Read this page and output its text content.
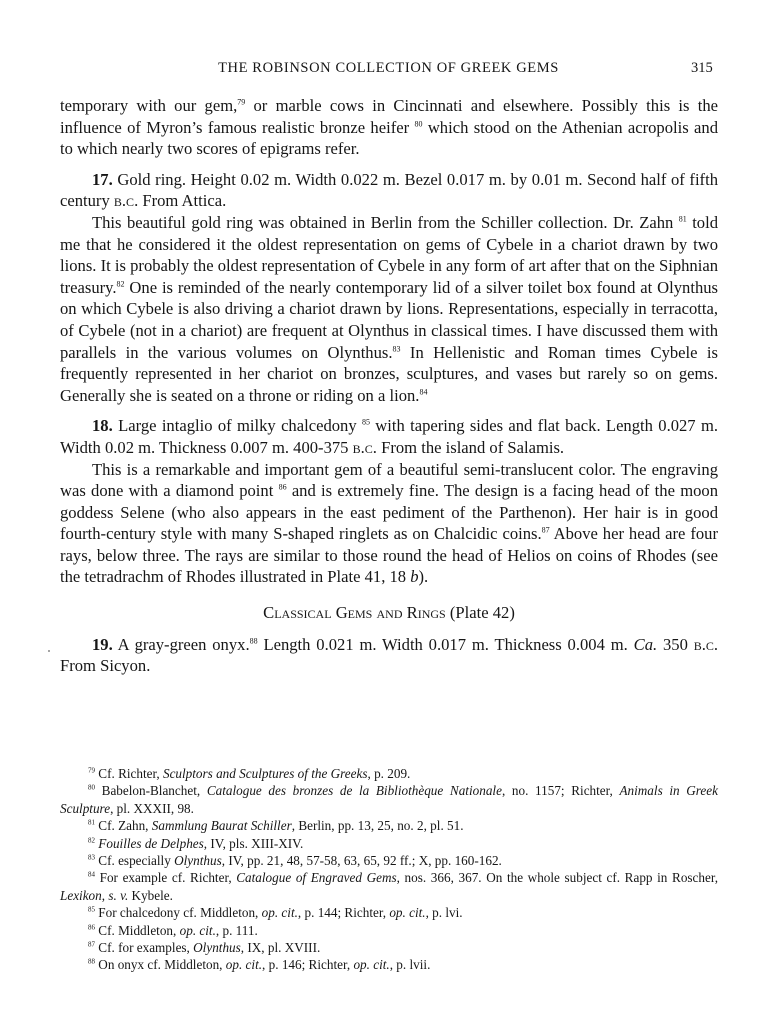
THE ROBINSON COLLECTION OF GREEK GEMS	315

temporary with our gem,$^{79}$ or marble cows in Cincinnati and elsewhere. Possibly this is the influence of Myron’s famous realistic bronze heifer $^{80}$ which stood on the Athenian acropolis and to which nearly two scores of epigrams refer.

17. Gold ring. Height 0.02 m. Width 0.022 m. Bezel 0.017 m. by 0.01 m. Second half of fifth century b.c. From Attica.

This beautiful gold ring was obtained in Berlin from the Schiller collection. Dr. Zahn $^{81}$ told me that he considered it the oldest representation on gems of Cybele in a chariot drawn by two lions. It is probably the oldest representation of Cybele in any form of art after that on the Siphnian treasury.$^{82}$ One is reminded of the nearly contemporary lid of a silver toilet box found at Olynthus on which Cybele is also driving a chariot drawn by lions. Representations, especially in terracotta, of Cybele (not in a chariot) are frequent at Olynthus in classical times. I have discussed them with parallels in the various volumes on Olynthus.$^{83}$ In Hellenistic and Roman times Cybele is frequently represented in her chariot on bronzes, sculptures, and vases but rarely so on gems. Generally she is seated on a throne or riding on a lion.$^{84}$

18. Large intaglio of milky chalcedony $^{85}$ with tapering sides and flat back. Length 0.027 m. Width 0.02 m. Thickness 0.007 m. 400-375 b.c. From the island of Salamis.

This is a remarkable and important gem of a beautiful semi-translucent color. The engraving was done with a diamond point $^{86}$ and is extremely fine. The design is a facing head of the moon goddess Selene (who also appears in the east pediment of the Parthenon). Her hair is in good fourth-century style with many S-shaped ringlets as on Chalcidic coins.$^{87}$ Above her head are four rays, below three. The rays are similar to those round the head of Helios on coins of Rhodes (see the tetradrachm of Rhodes illustrated in Plate 41, 18 b).

Classical Gems and Rings (Plate 42)

19. A gray-green onyx.$^{88}$ Length 0.021 m. Width 0.017 m. Thickness 0.004 m. Ca. 350 b.c. From Sicyon.

$^{79}$ Cf. Richter, Sculptors and Sculptures of the Greeks, p. 209.

$^{80}$ Babelon-Blanchet, Catalogue des bronzes de la Bibliothèque Nationale, no. 1157; Richter, Animals in Greek Sculpture, pl. XXXII, 98.

$^{81}$ Cf. Zahn, Sammlung Baurat Schiller, Berlin, pp. 13, 25, no. 2, pl. 51.

$^{82}$ Fouilles de Delphes, IV, pls. XIII-XIV.

$^{83}$ Cf. especially Olynthus, IV, pp. 21, 48, 57-58, 63, 65, 92 ff.; X, pp. 160-162.

$^{84}$ For example cf. Richter, Catalogue of Engraved Gems, nos. 366, 367. On the whole subject cf. Rapp in Roscher, Lexikon, s. v. Kybele.

$^{85}$ For chalcedony cf. Middleton, op. cit., p. 144; Richter, op. cit., p. lvi.

$^{86}$ Cf. Middleton, op. cit., p. 111.

$^{87}$ Cf. for examples, Olynthus, IX, pl. XVIII.

$^{88}$ On onyx cf. Middleton, op. cit., p. 146; Richter, op. cit., p. lvii.
